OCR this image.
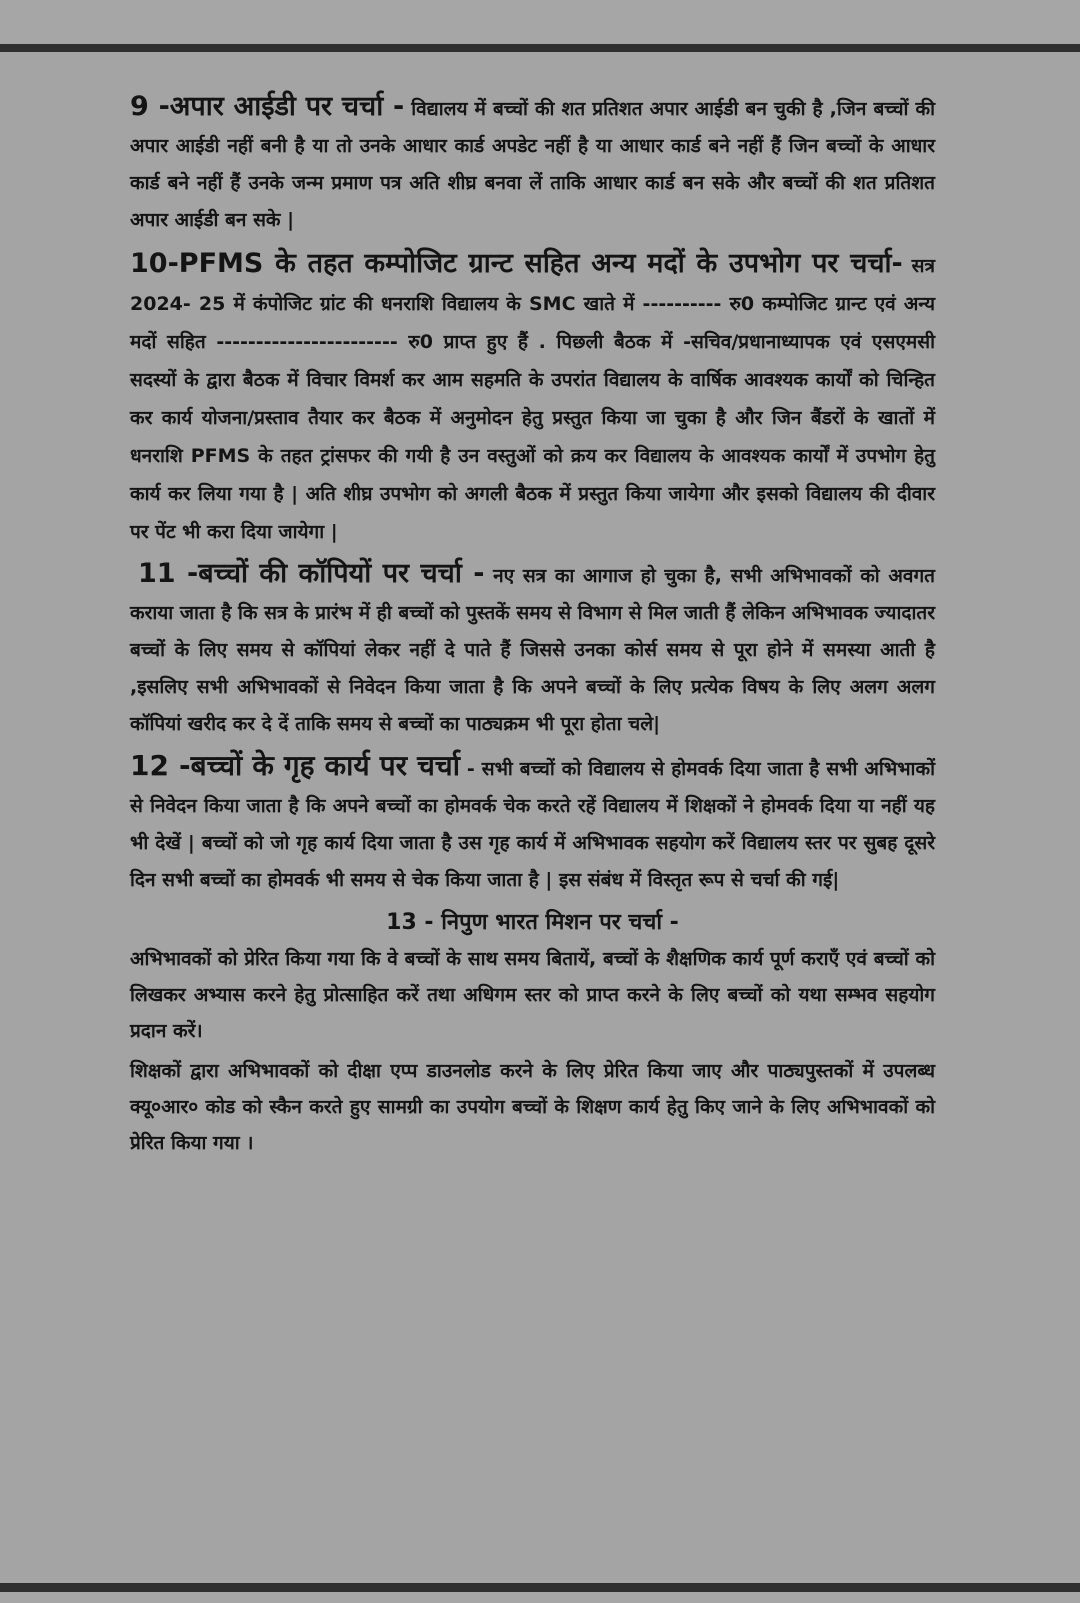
9 -अपार आईडी पर चर्चा - विद्यालय में बच्चों की शत प्रतिशत अपार आईडी बन चुकी है ,जिन बच्चों की अपार आईडी नहीं बनी है या तो उनके आधार कार्ड अपडेट नहीं है या आधार कार्ड बने नहीं हैं जिन बच्चों के आधार कार्ड बने नहीं हैं उनके जन्म प्रमाण पत्र अति शीघ्र बनवा लें ताकि आधार कार्ड बन सके और बच्चों की शत प्रतिशत अपार आईडी बन सके |

10-PFMS के तहत कम्पोजिट ग्रान्ट सहित अन्य मदों के उपभोग पर चर्चा- सत्र 2024- 25 में कंपोजिट ग्रांट की धनराशि विद्यालय के SMC खाते में ---------- रु0 कम्पोजिट ग्रान्ट एवं अन्य मदों सहित ----------------------- रु0 प्राप्त हुए हैं . पिछली बैठक में -सचिव/प्रधानाध्यापक एवं एसएमसी सदस्यों के द्वारा बैठक में विचार विमर्श कर आम सहमति के उपरांत विद्यालय के वार्षिक आवश्यक कार्यों को चिन्हित कर कार्य योजना/प्रस्ताव तैयार कर बैठक में अनुमोदन हेतु प्रस्तुत किया जा चुका है और जिन बैंडरों के खातों में धनराशि PFMS के तहत ट्रांसफर की गयी है उन वस्तुओं को क्रय कर विद्यालय के आवश्यक कार्यों में उपभोग हेतु कार्य कर लिया गया है | अति शीघ्र उपभोग को अगली बैठक में प्रस्तुत किया जायेगा और इसको विद्यालय की दीवार पर पेंट भी करा दिया जायेगा |

11 -बच्चों की कॉपियों पर चर्चा - नए सत्र का आगाज हो चुका है, सभी अभिभावकों को अवगत कराया जाता है कि सत्र के प्रारंभ में ही बच्चों को पुस्तकें समय से विभाग से मिल जाती हैं लेकिन अभिभावक ज्यादातर बच्चों के लिए समय से कॉपियां लेकर नहीं दे पाते हैं जिससे उनका कोर्स समय से पूरा होने में समस्या आती है ,इसलिए सभी अभिभावकों से निवेदन किया जाता है कि अपने बच्चों के लिए प्रत्येक विषय के लिए अलग अलग कॉपियां खरीद कर दे दें ताकि समय से बच्चों का पाठ्यक्रम भी पूरा होता चले|

12 -बच्चों के गृह कार्य पर चर्चा - सभी बच्चों को विद्यालय से होमवर्क दिया जाता है सभी अभिभाकों से निवेदन किया जाता है कि अपने बच्चों का होमवर्क चेक करते रहें विद्यालय में शिक्षकों ने होमवर्क दिया या नहीं यह भी देखें | बच्चों को जो गृह कार्य दिया जाता है उस गृह कार्य में अभिभावक सहयोग करें विद्यालय स्तर पर सुबह दूसरे दिन सभी बच्चों का होमवर्क भी समय से चेक किया जाता है | इस संबंध में विस्तृत रूप से चर्चा की गई|

13 - निपुण भारत मिशन पर चर्चा -

अभिभावकों को प्रेरित किया गया कि वे बच्चों के साथ समय बितायें, बच्चों के शैक्षणिक कार्य पूर्ण कराएँ एवं बच्चों को लिखकर अभ्यास करने हेतु प्रोत्साहित करें तथा अधिगम स्तर को प्राप्त करने के लिए बच्चों को यथा सम्भव सहयोग प्रदान करें।

शिक्षकों द्वारा अभिभावकों को दीक्षा एप्प डाउनलोड करने के लिए प्रेरित किया जाए और पाठ्यपुस्तकों में उपलब्ध क्यू०आर० कोड को स्कैन करते हुए सामग्री का उपयोग बच्चों के शिक्षण कार्य हेतु किए जाने के लिए अभिभावकों को प्रेरित किया गया ।
